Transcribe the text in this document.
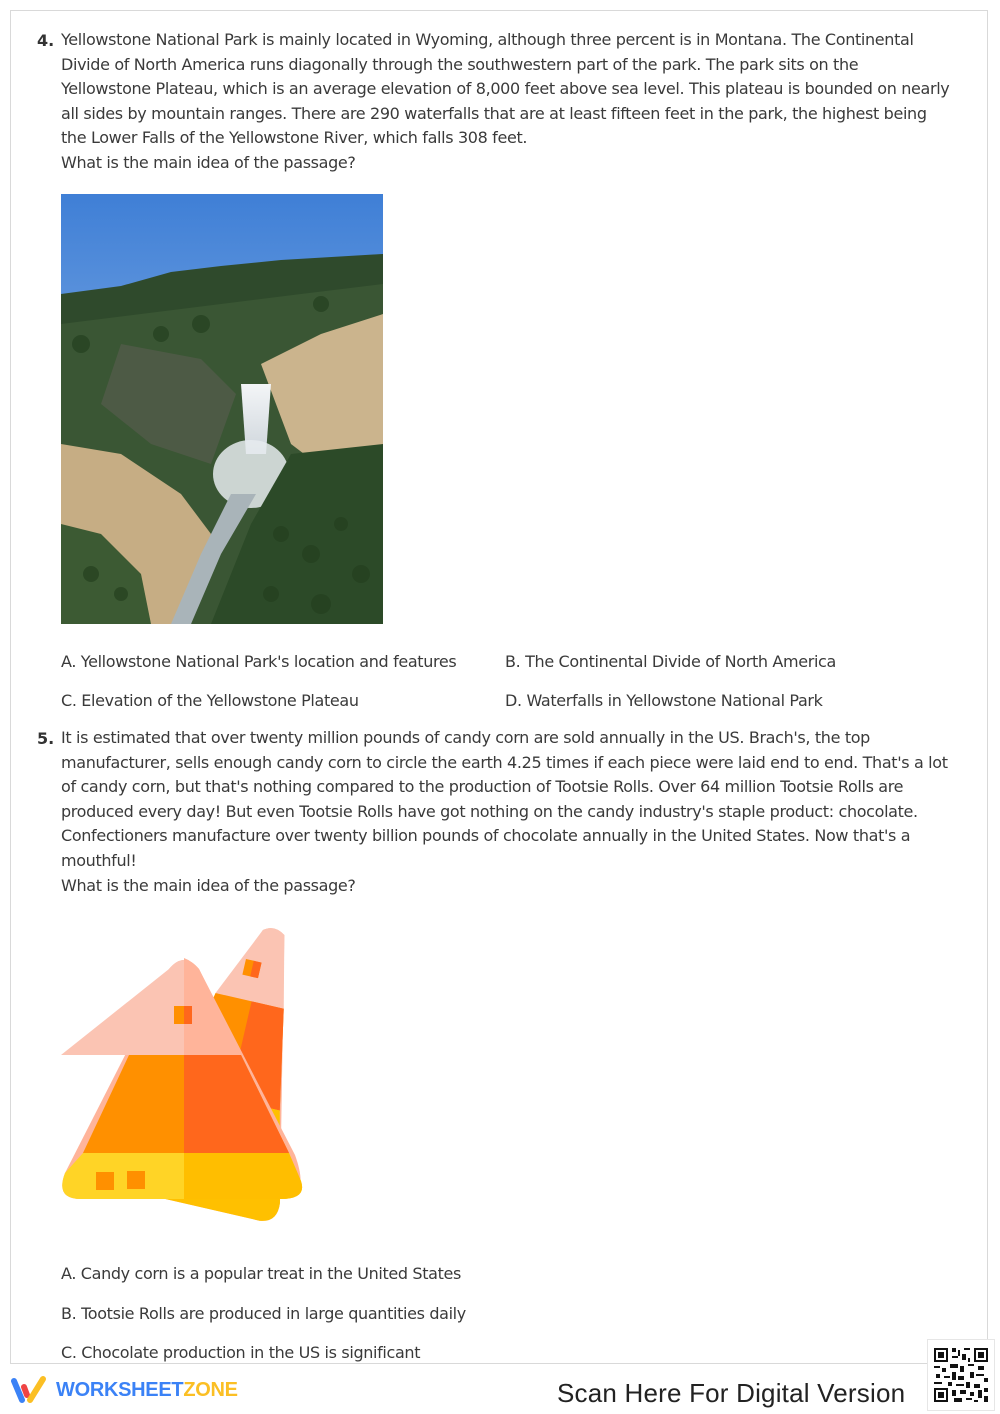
4. Yellowstone National Park is mainly located in Wyoming, although three percent is in Montana. The Continental Divide of North America runs diagonally through the southwestern part of the park. The park sits on the Yellowstone Plateau, which is an average elevation of 8,000 feet above sea level. This plateau is bounded on nearly all sides by mountain ranges. There are 290 waterfalls that are at least fifteen feet in the park, the highest being the Lower Falls of the Yellowstone River, which falls 308 feet.

What is the main idea of the passage?

A. Yellowstone National Park's location and features	B. The Continental Divide of North America
C. Elevation of the Yellowstone Plateau	D. Waterfalls in Yellowstone National Park
5. It is estimated that over twenty million pounds of candy corn are sold annually in the US. Brach's, the top manufacturer, sells enough candy corn to circle the earth 4.25 times if each piece were laid end to end. That's a lot of candy corn, but that's nothing compared to the production of Tootsie Rolls. Over 64 million Tootsie Rolls are produced every day! But even Tootsie Rolls have got nothing on the candy industry's staple product: chocolate. Confectioners manufacture over twenty billion pounds of chocolate annually in the United States. Now that's a mouthful!

What is the main idea of the passage?

A. Candy corn is a popular treat in the United States
B. Tootsie Rolls are produced in large quantities daily
C. Chocolate production in the US is significant
WORKSHEETZONE	Scan Here For Digital Version
